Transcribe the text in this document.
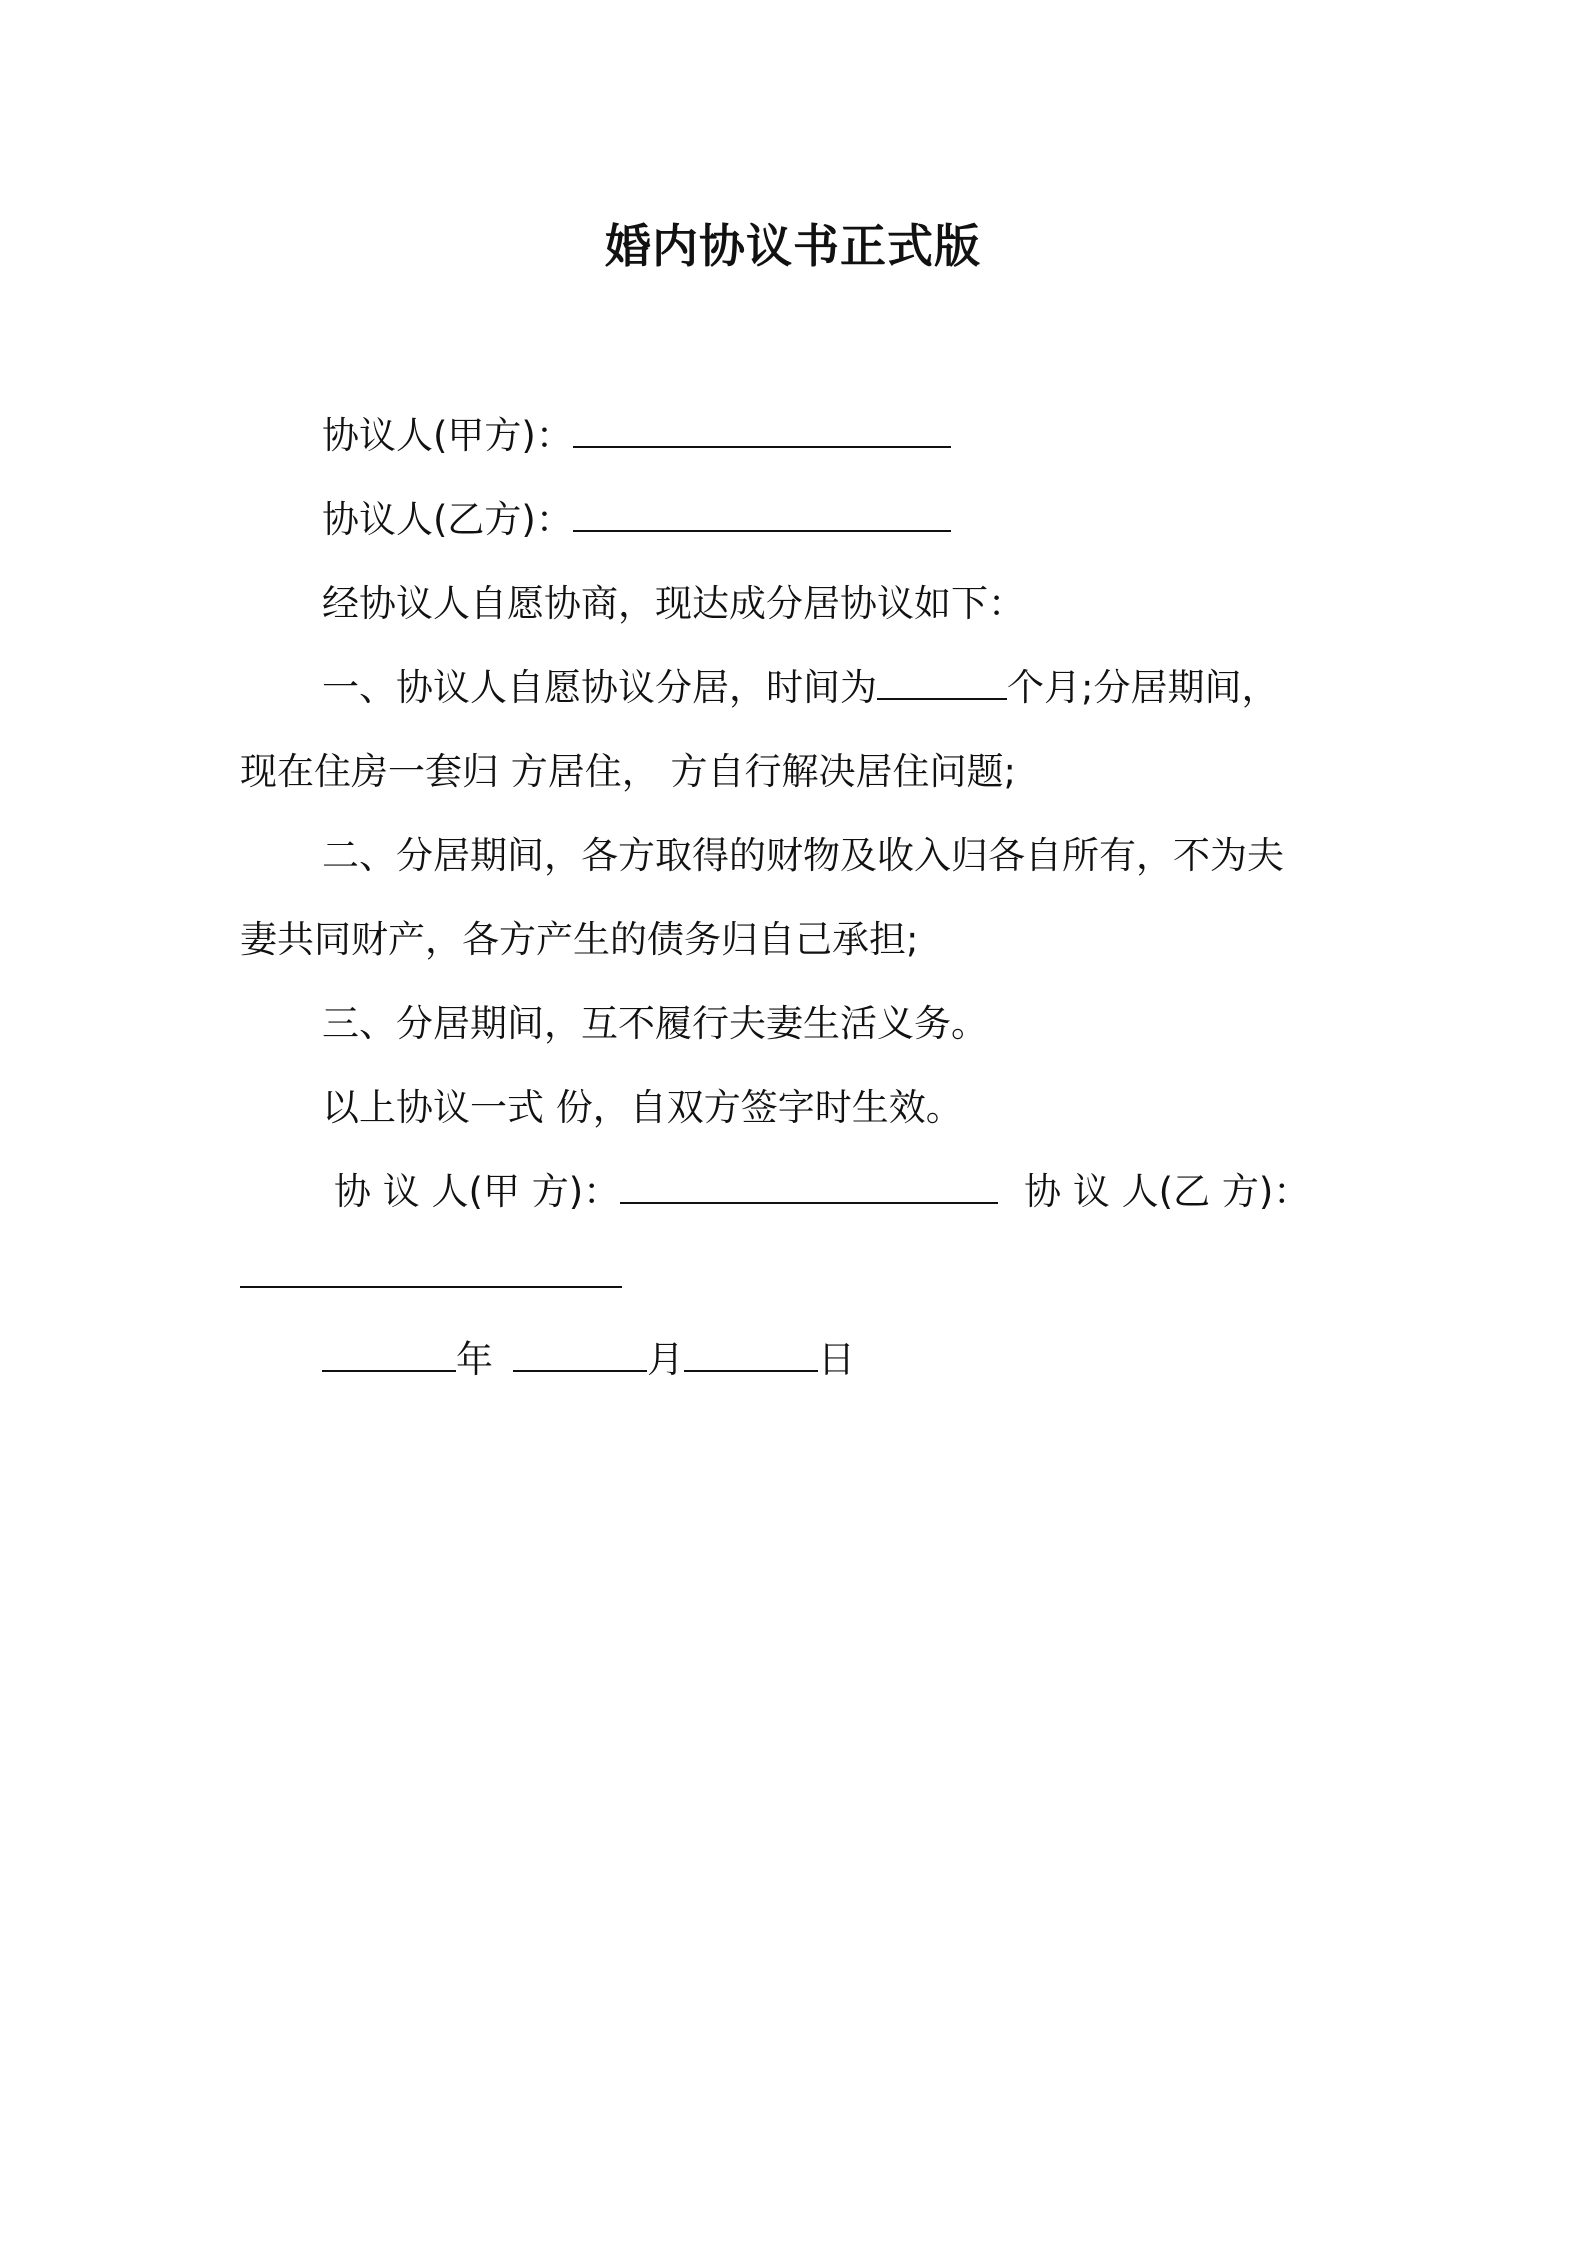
婚内协议书正式版
协议人(甲方)：
协议人(乙方)：
经协议人自愿协商，现达成分居协议如下：
一、协议人自愿协议分居，时间为	个月;分居期间，
现在住房一套归 方居住， 方自行解决居住问题;
二、分居期间，各方取得的财物及收入归各自所有，不为夫
妻共同财产，各方产生的债务归自己承担;
三、分居期间，互不履行夫妻生活义务。
以上协议一式 份，自双方签字时生效。
协 议 人(甲 方)：	协 议 人(乙 方)：
年	月	日
